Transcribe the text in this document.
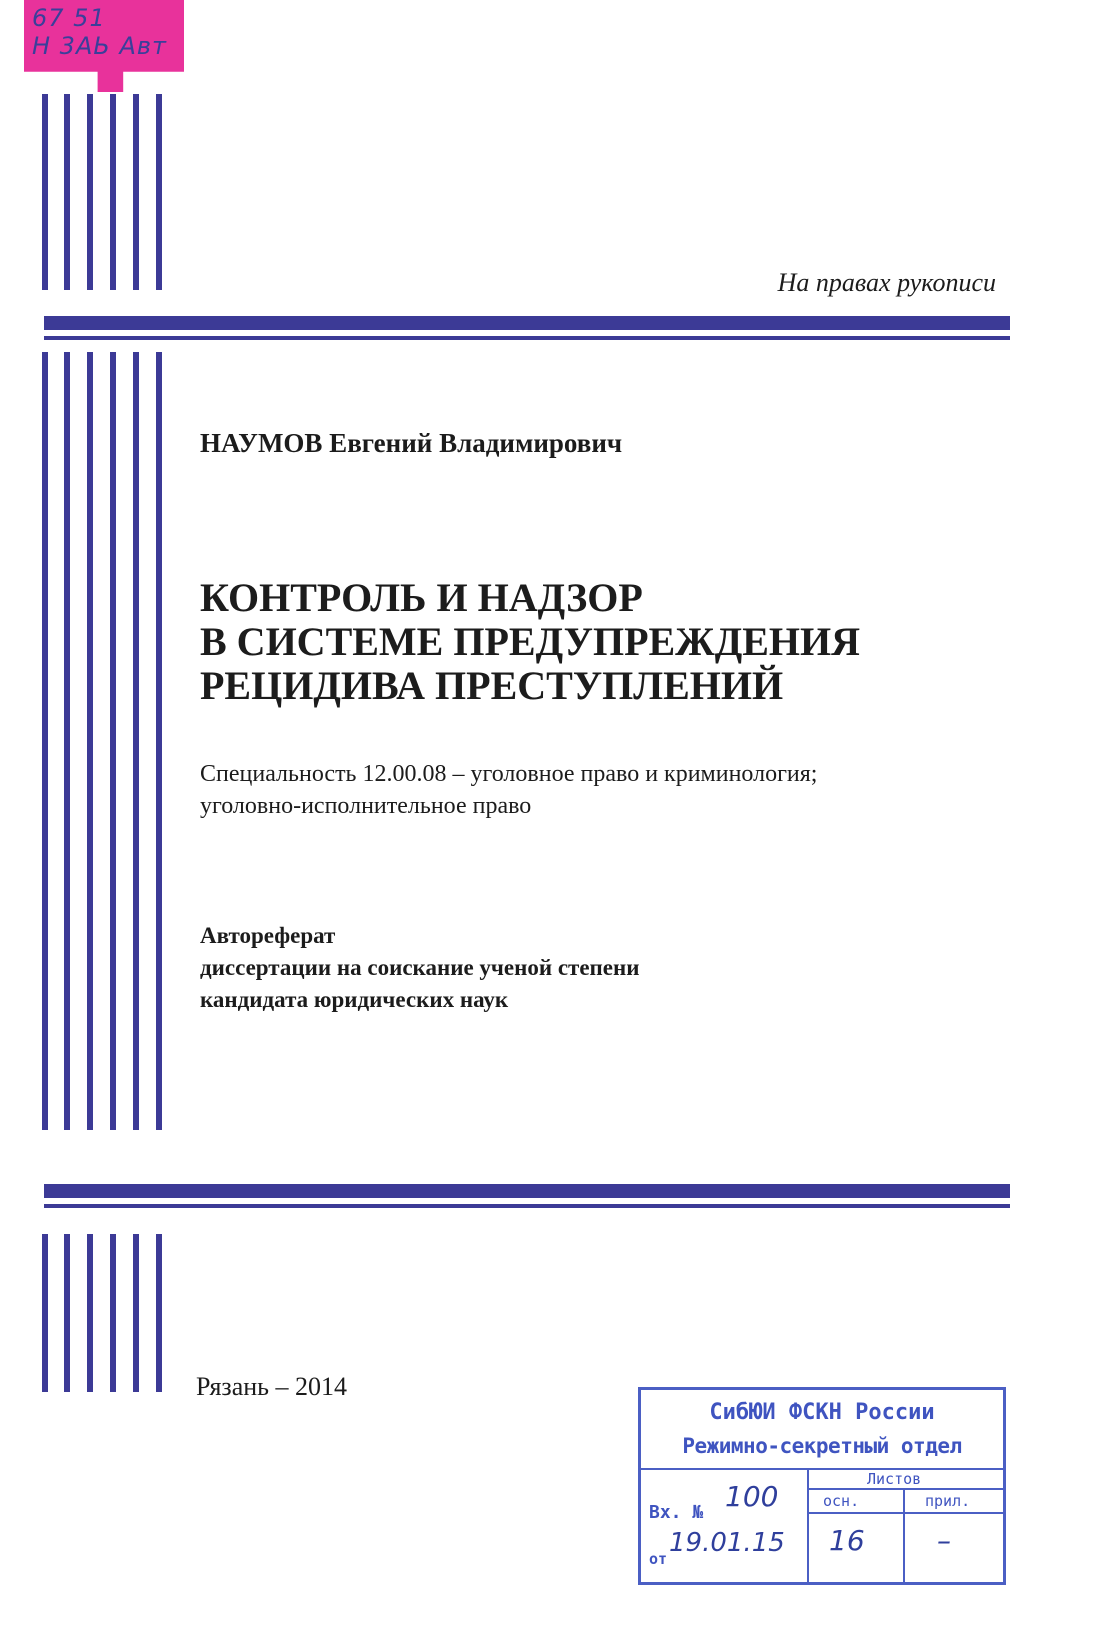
67 51
Н 3АЬ Авт
На правах рукописи
НАУМОВ Евгений Владимирович
КОНТРОЛЬ И НАДЗОР
В СИСТЕМЕ ПРЕДУПРЕЖДЕНИЯ
РЕЦИДИВА ПРЕСТУПЛЕНИЙ
Специальность 12.00.08 – уголовное право и криминология;
уголовно-исполнительное право
Автореферат
диссертации на соискание ученой степени
кандидата юридических наук
Рязань – 2014
СибЮИ ФСКН России
Режимно-секретный отдел
Листов
осн.	прил.
Вх. № 100
от
19.01.15 16	–
